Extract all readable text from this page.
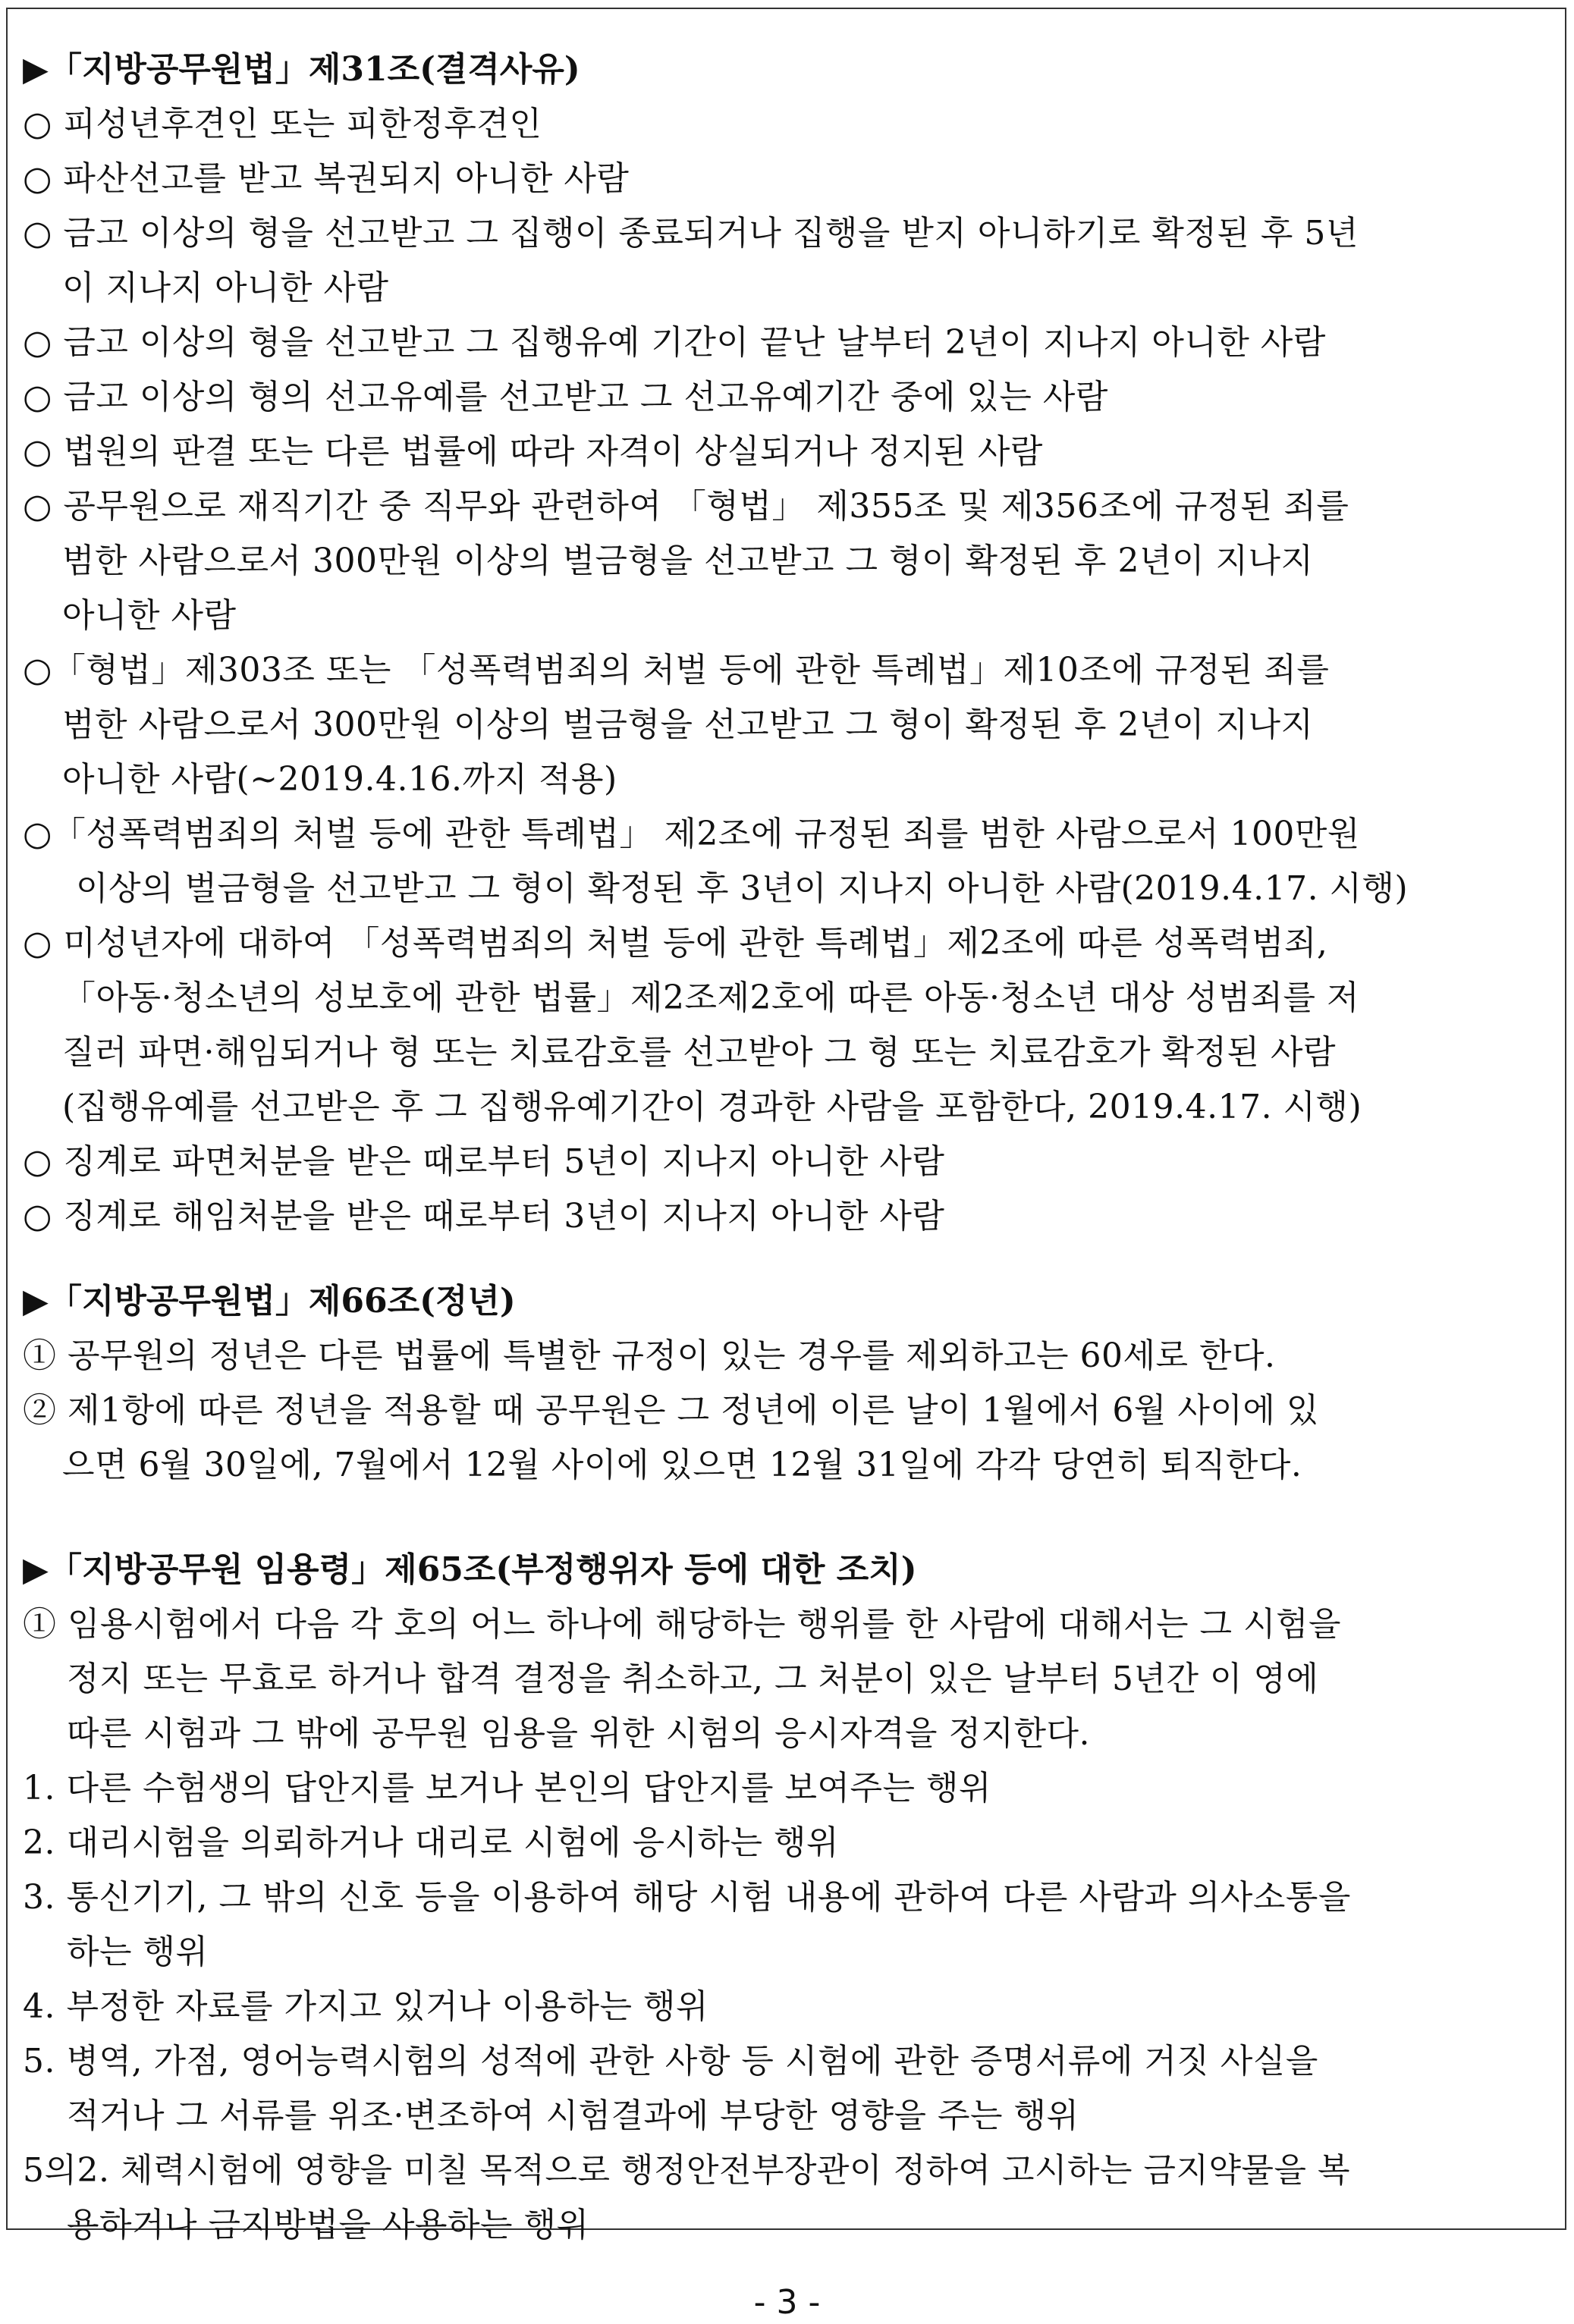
▶「지방공무원법」제31조(결격사유)
○ 피성년후견인 또는 피한정후견인
○ 파산선고를 받고 복권되지 아니한 사람
○ 금고 이상의 형을 선고받고 그 집행이 종료되거나 집행을 받지 아니하기로 확정된 후 5년
이 지나지 아니한 사람
○ 금고 이상의 형을 선고받고 그 집행유예 기간이 끝난 날부터 2년이 지나지 아니한 사람
○ 금고 이상의 형의 선고유예를 선고받고 그 선고유예기간 중에 있는 사람
○ 법원의 판결 또는 다른 법률에 따라 자격이 상실되거나 정지된 사람
○ 공무원으로 재직기간 중 직무와 관련하여 「형법」 제355조 및 제356조에 규정된 죄를
범한 사람으로서 300만원 이상의 벌금형을 선고받고 그 형이 확정된 후 2년이 지나지
아니한 사람
○「형법」제303조 또는 「성폭력범죄의 처벌 등에 관한 특례법」제10조에 규정된 죄를
범한 사람으로서 300만원 이상의 벌금형을 선고받고 그 형이 확정된 후 2년이 지나지
아니한 사람(~2019.4.16.까지 적용)
○「성폭력범죄의 처벌 등에 관한 특례법」 제2조에 규정된 죄를 범한 사람으로서 100만원
이상의 벌금형을 선고받고 그 형이 확정된 후 3년이 지나지 아니한 사람(2019.4.17. 시행)
○ 미성년자에 대하여 「성폭력범죄의 처벌 등에 관한 특례법」제2조에 따른 성폭력범죄,
「아동·청소년의 성보호에 관한 법률」제2조제2호에 따른 아동·청소년 대상 성범죄를 저
질러 파면·해임되거나 형 또는 치료감호를 선고받아 그 형 또는 치료감호가 확정된 사람
(집행유예를 선고받은 후 그 집행유예기간이 경과한 사람을 포함한다, 2019.4.17. 시행)
○ 징계로 파면처분을 받은 때로부터 5년이 지나지 아니한 사람
○ 징계로 해임처분을 받은 때로부터 3년이 지나지 아니한 사람
▶「지방공무원법」제66조(정년)
① 공무원의 정년은 다른 법률에 특별한 규정이 있는 경우를 제외하고는 60세로 한다.
② 제1항에 따른 정년을 적용할 때 공무원은 그 정년에 이른 날이 1월에서 6월 사이에 있
으면 6월 30일에, 7월에서 12월 사이에 있으면 12월 31일에 각각 당연히 퇴직한다.
▶「지방공무원 임용령」제65조(부정행위자 등에 대한 조치)
① 임용시험에서 다음 각 호의 어느 하나에 해당하는 행위를 한 사람에 대해서는 그 시험을
정지 또는 무효로 하거나 합격 결정을 취소하고, 그 처분이 있은 날부터 5년간 이 영에
따른 시험과 그 밖에 공무원 임용을 위한 시험의 응시자격을 정지한다.
1. 다른 수험생의 답안지를 보거나 본인의 답안지를 보여주는 행위
2. 대리시험을 의뢰하거나 대리로 시험에 응시하는 행위
3. 통신기기, 그 밖의 신호 등을 이용하여 해당 시험 내용에 관하여 다른 사람과 의사소통을
하는 행위
4. 부정한 자료를 가지고 있거나 이용하는 행위
5. 병역, 가점, 영어능력시험의 성적에 관한 사항 등 시험에 관한 증명서류에 거짓 사실을
적거나 그 서류를 위조·변조하여 시험결과에 부당한 영향을 주는 행위
5의2. 체력시험에 영향을 미칠 목적으로 행정안전부장관이 정하여 고시하는 금지약물을 복
용하거나 금지방법을 사용하는 행위
- 3 -
